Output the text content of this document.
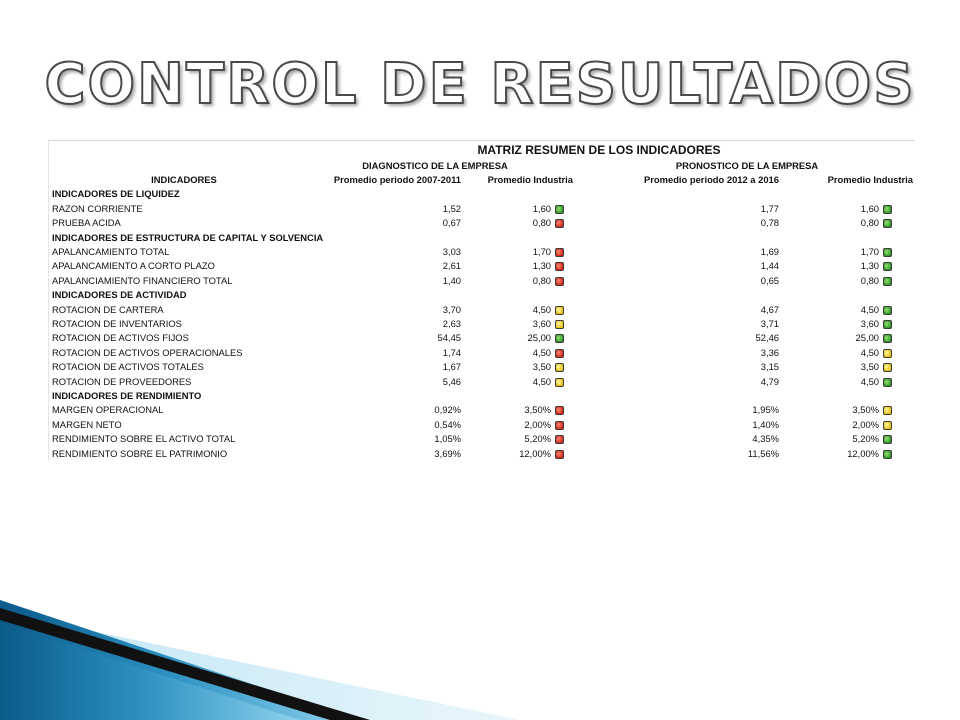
CONTROL DE RESULTADOS
	MATRIZ RESUMEN DE LOS INDICADORES					
	DIAGNOSTICO DE LA EMPRESA			PRONOSTICO DE LA EMPRESA		
INDICADORES	Promedio periodo 2007-2011	Promedio Industria		Promedio periodo 2012 a 2016	Promedio Industria	
INDICADORES DE LIQUIDEZ						
RAZON CORRIENTE	1,52	1,60		1,77	1,60	
PRUEBA ACIDA	0,67	0,80		0,78	0,80	
INDICADORES DE ESTRUCTURA DE CAPITAL Y SOLVENCIA						
APALANCAMIENTO TOTAL	3,03	1,70		1,69	1,70	
APALANCAMIENTO A CORTO PLAZO	2,61	1,30		1,44	1,30	
APALANCIAMIENTO FINANCIERO TOTAL	1,40	0,80		0,65	0,80	
INDICADORES DE ACTIVIDAD						
ROTACION DE CARTERA	3,70	4,50		4,67	4,50	
ROTACION DE INVENTARIOS	2,63	3,60		3,71	3,60	
ROTACION DE ACTIVOS FIJOS	54,45	25,00		52,46	25,00	
ROTACION DE ACTIVOS OPERACIONALES	1,74	4,50		3,36	4,50	
ROTACION DE ACTIVOS TOTALES	1,67	3,50		3,15	3,50	
ROTACION DE PROVEEDORES	5,46	4,50		4,79	4,50	
INDICADORES DE RENDIMIENTO						
MARGEN OPERACIONAL	0,92%	3,50%		1,95%	3,50%	
MARGEN NETO	0,54%	2,00%		1,40%	2,00%	
RENDIMIENTO SOBRE EL ACTIVO TOTAL	1,05%	5,20%		4,35%	5,20%	
RENDIMIENTO SOBRE EL PATRIMONIO	3,69%	12,00%		11,56%	12,00%	
